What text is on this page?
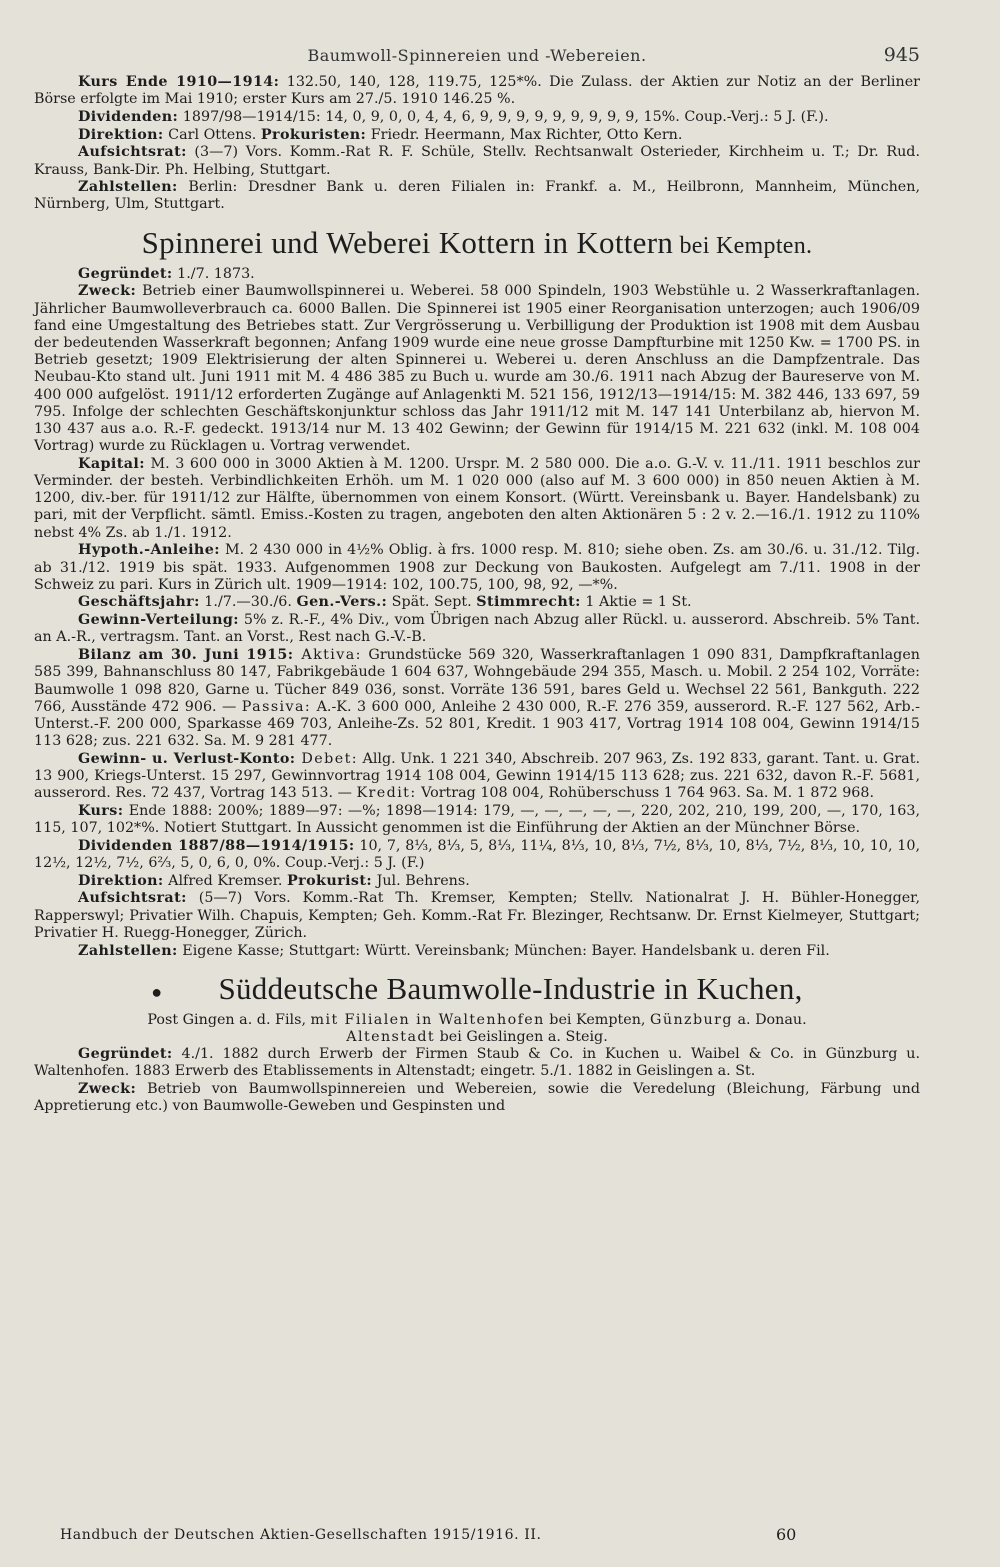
Baumwoll-Spinnereien und -Webereien.	945

Kurs Ende 1910—1914: 132.50, 140, 128, 119.75, 125*%. Die Zulass. der Aktien zur Notiz an der Berliner Börse erfolgte im Mai 1910; erster Kurs am 27./5. 1910 146.25 %.

Dividenden: 1897/98—1914/15: 14, 0, 9, 0, 0, 4, 4, 6, 9, 9, 9, 9, 9, 9, 9, 9, 9, 15%. Coup.-Verj.: 5 J. (F.).

Direktion: Carl Ottens. Prokuristen: Friedr. Heermann, Max Richter, Otto Kern.

Aufsichtsrat: (3—7) Vors. Komm.-Rat R. F. Schüle, Stellv. Rechtsanwalt Osterieder, Kirchheim u. T.; Dr. Rud. Krauss, Bank-Dir. Ph. Helbing, Stuttgart.

Zahlstellen: Berlin: Dresdner Bank u. deren Filialen in: Frankf. a. M., Heilbronn, Mannheim, München, Nürnberg, Ulm, Stuttgart.

Spinnerei und Weberei Kottern in Kottern bei Kempten.

Gegründet: 1./7. 1873.

Zweck: Betrieb einer Baumwollspinnerei u. Weberei. 58 000 Spindeln, 1903 Webstühle u. 2 Wasserkraftanlagen. Jährlicher Baumwolleverbrauch ca. 6000 Ballen. Die Spinnerei ist 1905 einer Reorganisation unterzogen; auch 1906/09 fand eine Umgestaltung des Betriebes statt. Zur Vergrösserung u. Verbilligung der Produktion ist 1908 mit dem Ausbau der bedeutenden Wasserkraft begonnen; Anfang 1909 wurde eine neue grosse Dampfturbine mit 1250 Kw. = 1700 PS. in Betrieb gesetzt; 1909 Elektrisierung der alten Spinnerei u. Weberei u. deren Anschluss an die Dampfzentrale. Das Neubau-Kto stand ult. Juni 1911 mit M. 4 486 385 zu Buch u. wurde am 30./6. 1911 nach Abzug der Baureserve von M. 400 000 aufgelöst. 1911/12 erforderten Zugänge auf Anlagenkti M. 521 156, 1912/13—1914/15: M. 382 446, 133 697, 59 795. Infolge der schlechten Geschäftskonjunktur schloss das Jahr 1911/12 mit M. 147 141 Unterbilanz ab, hiervon M. 130 437 aus a.o. R.-F. gedeckt. 1913/14 nur M. 13 402 Gewinn; der Gewinn für 1914/15 M. 221 632 (inkl. M. 108 004 Vortrag) wurde zu Rücklagen u. Vortrag verwendet.

Kapital: M. 3 600 000 in 3000 Aktien à M. 1200. Urspr. M. 2 580 000. Die a.o. G.-V. v. 11./11. 1911 beschlos zur Verminder. der besteh. Verbindlichkeiten Erhöh. um M. 1 020 000 (also auf M. 3 600 000) in 850 neuen Aktien à M. 1200, div.-ber. für 1911/12 zur Hälfte, übernommen von einem Konsort. (Württ. Vereinsbank u. Bayer. Handelsbank) zu pari, mit der Verpflicht. sämtl. Emiss.-Kosten zu tragen, angeboten den alten Aktionären 5 : 2 v. 2.—16./1. 1912 zu 110% nebst 4% Zs. ab 1./1. 1912.

Hypoth.-Anleihe: M. 2 430 000 in 4½% Oblig. à frs. 1000 resp. M. 810; siehe oben. Zs. am 30./6. u. 31./12. Tilg. ab 31./12. 1919 bis spät. 1933. Aufgenommen 1908 zur Deckung von Baukosten. Aufgelegt am 7./11. 1908 in der Schweiz zu pari. Kurs in Zürich ult. 1909—1914: 102, 100.75, 100, 98, 92, —*%.

Geschäftsjahr: 1./7.—30./6. Gen.-Vers.: Spät. Sept. Stimmrecht: 1 Aktie = 1 St.

Gewinn-Verteilung: 5% z. R.-F., 4% Div., vom Übrigen nach Abzug aller Rückl. u. ausserord. Abschreib. 5% Tant. an A.-R., vertragsm. Tant. an Vorst., Rest nach G.-V.-B.

Bilanz am 30. Juni 1915: Aktiva: Grundstücke 569 320, Wasserkraftanlagen 1 090 831, Dampfkraftanlagen 585 399, Bahnanschluss 80 147, Fabrikgebäude 1 604 637, Wohngebäude 294 355, Masch. u. Mobil. 2 254 102, Vorräte: Baumwolle 1 098 820, Garne u. Tücher 849 036, sonst. Vorräte 136 591, bares Geld u. Wechsel 22 561, Bankguth. 222 766, Ausstände 472 906. — Passiva: A.-K. 3 600 000, Anleihe 2 430 000, R.-F. 276 359, ausserord. R.-F. 127 562, Arb.-Unterst.-F. 200 000, Sparkasse 469 703, Anleihe-Zs. 52 801, Kredit. 1 903 417, Vortrag 1914 108 004, Gewinn 1914/15 113 628; zus. 221 632. Sa. M. 9 281 477.

Gewinn- u. Verlust-Konto: Debet: Allg. Unk. 1 221 340, Abschreib. 207 963, Zs. 192 833, garant. Tant. u. Grat. 13 900, Kriegs-Unterst. 15 297, Gewinnvortrag 1914 108 004, Gewinn 1914/15 113 628; zus. 221 632, davon R.-F. 5681, ausserord. Res. 72 437, Vortrag 143 513. — Kredit: Vortrag 108 004, Rohüberschuss 1 764 963. Sa. M. 1 872 968.

Kurs: Ende 1888: 200%; 1889—97: —%; 1898—1914: 179, —, —, —, —, —, 220, 202, 210, 199, 200, —, 170, 163, 115, 107, 102*%. Notiert Stuttgart. In Aussicht genommen ist die Einführung der Aktien an der Münchner Börse.

Dividenden 1887/88—1914/1915: 10, 7, 8⅓, 8⅓, 5, 8⅓, 11¼, 8⅓, 10, 8⅓, 7½, 8⅓, 10, 8⅓, 7½, 8⅓, 10, 10, 10, 12½, 12½, 7½, 6⅔, 5, 0, 6, 0, 0%. Coup.-Verj.: 5 J. (F.)

Direktion: Alfred Kremser. Prokurist: Jul. Behrens.

Aufsichtsrat: (5—7) Vors. Komm.-Rat Th. Kremser, Kempten; Stellv. Nationalrat J. H. Bühler-Honegger, Rapperswyl; Privatier Wilh. Chapuis, Kempten; Geh. Komm.-Rat Fr. Blezinger, Rechtsanw. Dr. Ernst Kielmeyer, Stuttgart; Privatier H. Ruegg-Honegger, Zürich.

Zahlstellen: Eigene Kasse; Stuttgart: Württ. Vereinsbank; München: Bayer. Handelsbank u. deren Fil.

● Süddeutsche Baumwolle-Industrie in Kuchen,

Post Gingen a. d. Fils, mit Filialen in Waltenhofen bei Kempten, Günzburg a. Donau.

Altenstadt bei Geislingen a. Steig.

Gegründet: 4./1. 1882 durch Erwerb der Firmen Staub & Co. in Kuchen u. Waibel & Co. in Günzburg u. Waltenhofen. 1883 Erwerb des Etablissements in Altenstadt; eingetr. 5./1. 1882 in Geislingen a. St.

Zweck: Betrieb von Baumwollspinnereien und Webereien, sowie die Veredelung (Bleichung, Färbung und Appretierung etc.) von Baumwolle-Geweben und Gespinsten und

Handbuch der Deutschen Aktien-Gesellschaften 1915/1916. II.	60
